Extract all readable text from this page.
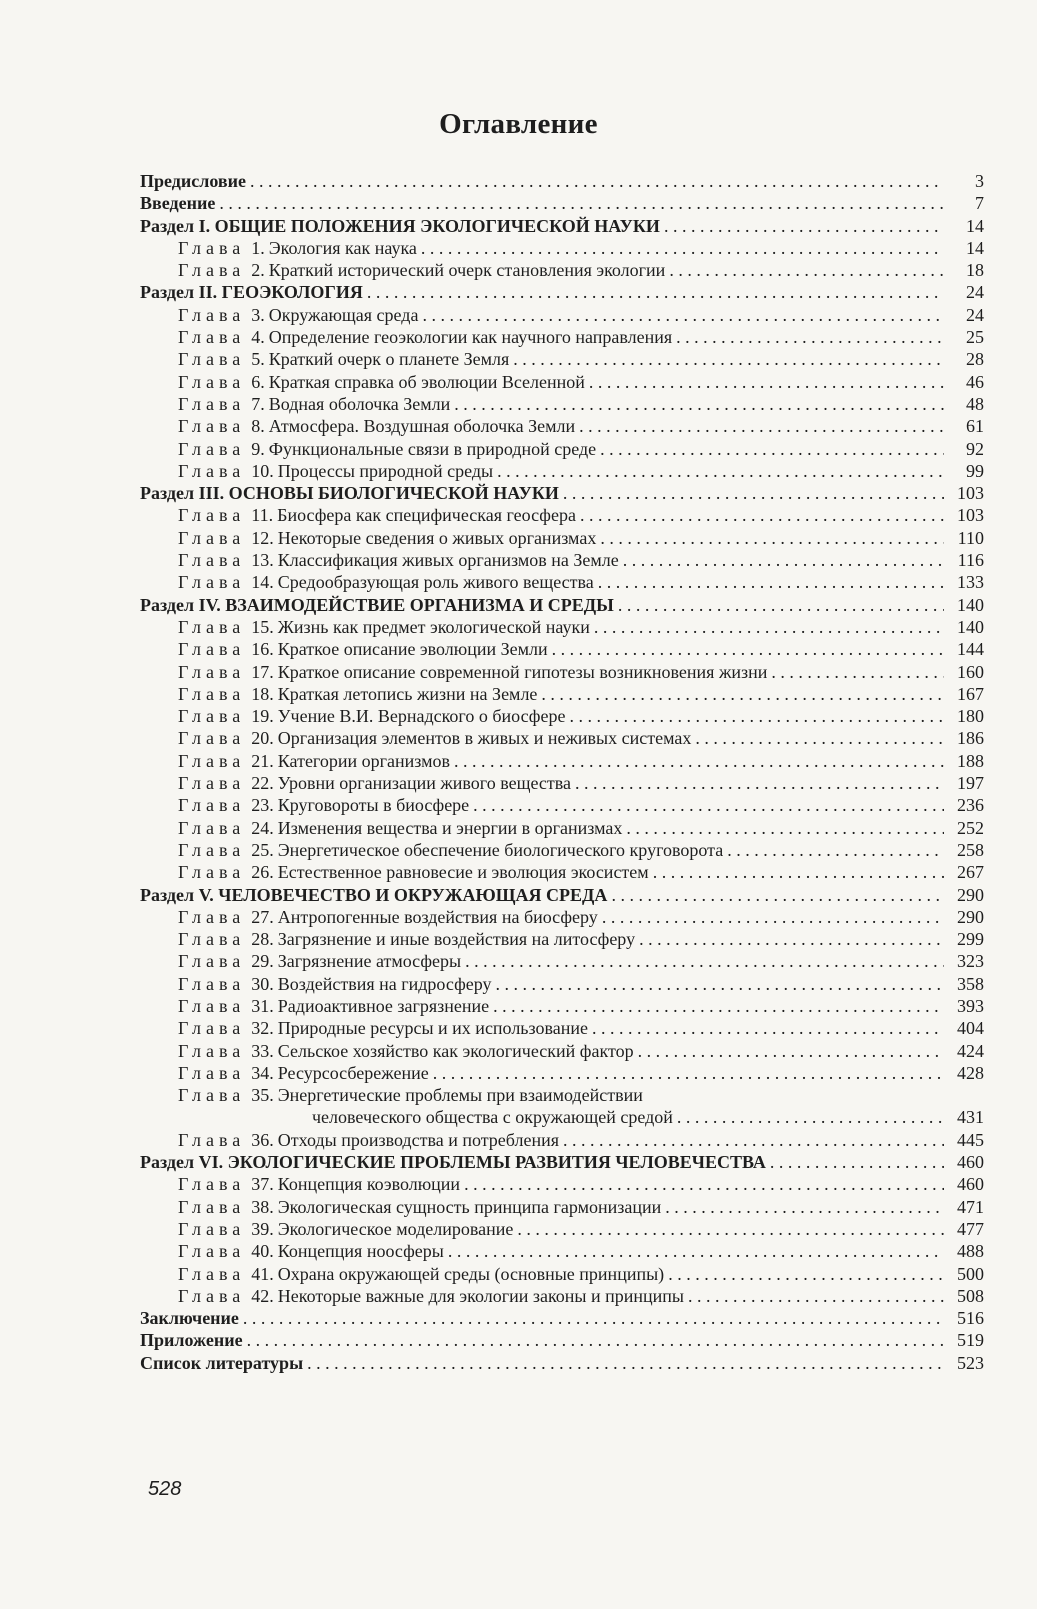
Оглавление
Предисловие . . .	3
Введение . . .	7
Раздел I. ОБЩИЕ ПОЛОЖЕНИЯ ЭКОЛОГИЧЕСКОЙ НАУКИ . . .	14
Глава 1. Экология как наука . . .	14
Глава 2. Краткий исторический очерк становления экологии . . .	18
Раздел II. ГЕОЭКОЛОГИЯ . . .	24
Глава 3. Окружающая среда . . .	24
Глава 4. Определение геоэкологии как научного направления . . .	25
Глава 5. Краткий очерк о планете Земля . . .	28
Глава 6. Краткая справка об эволюции Вселенной . . .	46
Глава 7. Водная оболочка Земли . . .	48
Глава 8. Атмосфера. Воздушная оболочка Земли . . .	61
Глава 9. Функциональные связи в природной среде . . .	92
Глава 10. Процессы природной среды . . .	99
Раздел III. ОСНОВЫ БИОЛОГИЧЕСКОЙ НАУКИ . . .	103
Глава 11. Биосфера как специфическая геосфера . . .	103
Глава 12. Некоторые сведения о живых организмах . . .	110
Глава 13. Классификация живых организмов на Земле . . .	116
Глава 14. Средообразующая роль живого вещества . . .	133
Раздел IV. ВЗАИМОДЕЙСТВИЕ ОРГАНИЗМА И СРЕДЫ . . .	140
Глава 15. Жизнь как предмет экологической науки . . .	140
Глава 16. Краткое описание эволюции Земли . . .	144
Глава 17. Краткое описание современной гипотезы возникновения жизни . . .	160
Глава 18. Краткая летопись жизни на Земле . . .	167
Глава 19. Учение В.И. Вернадского о биосфере . . .	180
Глава 20. Организация элементов в живых и неживых системах . . .	186
Глава 21. Категории организмов . . .	188
Глава 22. Уровни организации живого вещества . . .	197
Глава 23. Круговороты в биосфере . . .	236
Глава 24. Изменения вещества и энергии в организмах . . .	252
Глава 25. Энергетическое обеспечение биологического круговорота . . .	258
Глава 26. Естественное равновесие и эволюция экосистем . . .	267
Раздел V. ЧЕЛОВЕЧЕСТВО И ОКРУЖАЮЩАЯ СРЕДА . . .	290
Глава 27. Антропогенные воздействия на биосферу . . .	290
Глава 28. Загрязнение и иные воздействия на литосферу . . .	299
Глава 29. Загрязнение атмосферы . . .	323
Глава 30. Воздействия на гидросферу . . .	358
Глава 31. Радиоактивное загрязнение . . .	393
Глава 32. Природные ресурсы и их использование . . .	404
Глава 33. Сельское хозяйство как экологический фактор . . .	424
Глава 34. Ресурсосбережение . . .	428
Глава 35. Энергетические проблемы при взаимодействии
человеческого общества с окружающей средой . . .	431
Глава 36. Отходы производства и потребления . . .	445
Раздел VI. ЭКОЛОГИЧЕСКИЕ ПРОБЛЕМЫ РАЗВИТИЯ ЧЕЛОВЕЧЕСТВА . . .	460
Глава 37. Концепция коэволюции . . .	460
Глава 38. Экологическая сущность принципа гармонизации . . .	471
Глава 39. Экологическое моделирование . . .	477
Глава 40. Концепция ноосферы . . .	488
Глава 41. Охрана окружающей среды (основные принципы) . . .	500
Глава 42. Некоторые важные для экологии законы и принципы . . .	508
Заключение . . .	516
Приложение . . .	519
Список литературы . . .	523
528
